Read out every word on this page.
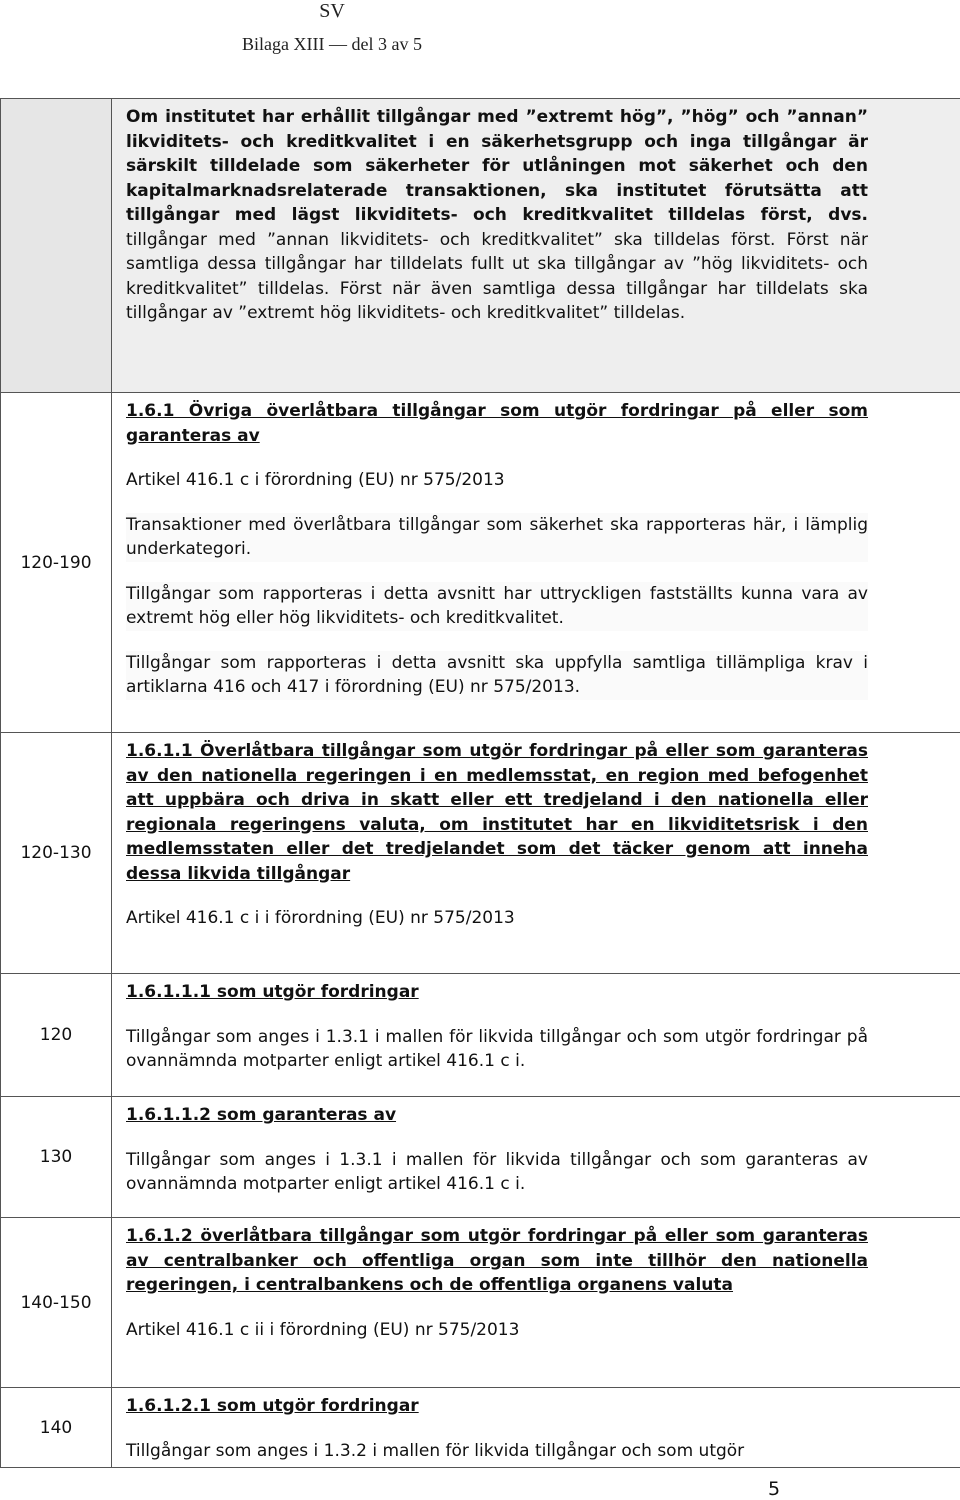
SV
Bilaga XIII — del 3 av 5

	Om institutet har erhållit tillgångar med ”extremt hög”, ”hög” och ”annan” likviditets- och kreditkvalitet i en säkerhetsgrupp och inga tillgångar är särskilt tilldelade som säkerheter för utlåningen mot säkerhet och den kapitalmarknadsrelaterade transaktionen, ska institutet förutsätta att tillgångar med lägst likviditets- och kreditkvalitet tilldelas först, dvs. tillgångar med ”annan likviditets- och kreditkvalitet” ska tilldelas först. Först när samtliga dessa tillgångar har tilldelats fullt ut ska tillgångar av ”hög likviditets- och kreditkvalitet” tilldelas. Först när även samtliga dessa tillgångar har tilldelats ska tillgångar av ”extremt hög likviditets- och kreditkvalitet” tilldelas.

120-190	1.6.1 Övriga överlåtbara tillgångar som utgör fordringar på eller som garanteras av

Artikel 416.1 c i förordning (EU) nr 575/2013

Transaktioner med överlåtbara tillgångar som säkerhet ska rapporteras här, i lämplig underkategori.

Tillgångar som rapporteras i detta avsnitt har uttryckligen fastställts kunna vara av extremt hög eller hög likviditets- och kreditkvalitet.

Tillgångar som rapporteras i detta avsnitt ska uppfylla samtliga tillämpliga krav i artiklarna 416 och 417 i förordning (EU) nr 575/2013.

120-130	1.6.1.1 Överlåtbara tillgångar som utgör fordringar på eller som garanteras av den nationella regeringen i en medlemsstat, en region med befogenhet att uppbära och driva in skatt eller ett tredjeland i den nationella eller regionala regeringens valuta, om institutet har en likviditetsrisk i den medlemsstaten eller det tredjelandet som det täcker genom att inneha dessa likvida tillgångar

Artikel 416.1 c i i förordning (EU) nr 575/2013

120	1.6.1.1.1 som utgör fordringar

Tillgångar som anges i 1.3.1 i mallen för likvida tillgångar och som utgör fordringar på ovannämnda motparter enligt artikel 416.1 c i.

130	1.6.1.1.2 som garanteras av

Tillgångar som anges i 1.3.1 i mallen för likvida tillgångar och som garanteras av ovannämnda motparter enligt artikel 416.1 c i.

140-150	1.6.1.2 överlåtbara tillgångar som utgör fordringar på eller som garanteras av centralbanker och offentliga organ som inte tillhör den nationella regeringen, i centralbankens och de offentliga organens valuta

Artikel 416.1 c ii i förordning (EU) nr 575/2013

140	1.6.1.2.1 som utgör fordringar

Tillgångar som anges i 1.3.2 i mallen för likvida tillgångar och som utgör

5
